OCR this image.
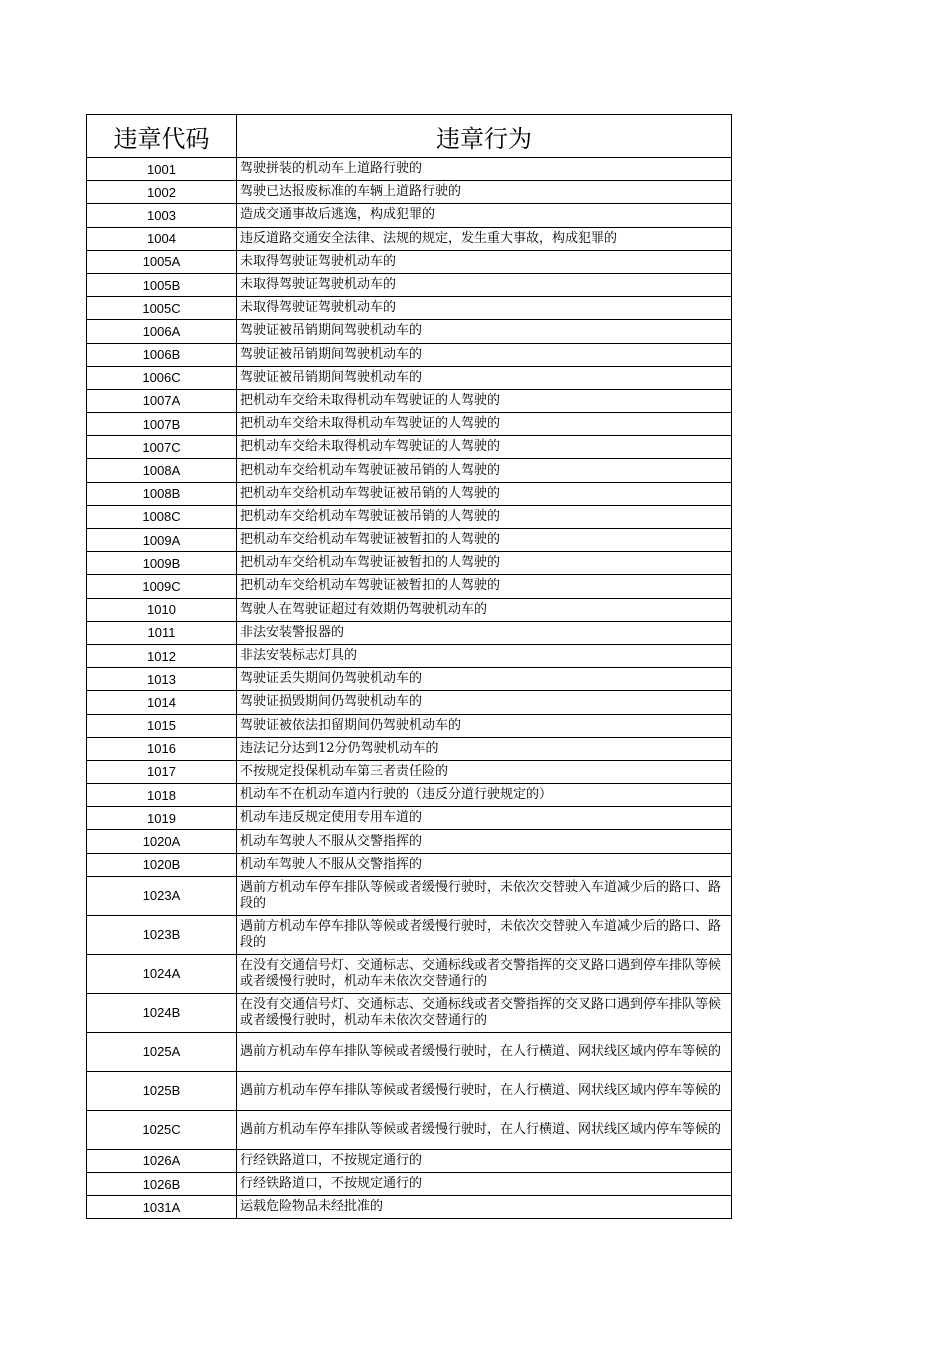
违章代码	违章行为
1001	驾驶拼装的机动车上道路行驶的
1002	驾驶已达报废标准的车辆上道路行驶的
1003	造成交通事故后逃逸，构成犯罪的
1004	违反道路交通安全法律、法规的规定，发生重大事故，构成犯罪的
1005A	未取得驾驶证驾驶机动车的
1005B	未取得驾驶证驾驶机动车的
1005C	未取得驾驶证驾驶机动车的
1006A	驾驶证被吊销期间驾驶机动车的
1006B	驾驶证被吊销期间驾驶机动车的
1006C	驾驶证被吊销期间驾驶机动车的
1007A	把机动车交给未取得机动车驾驶证的人驾驶的
1007B	把机动车交给未取得机动车驾驶证的人驾驶的
1007C	把机动车交给未取得机动车驾驶证的人驾驶的
1008A	把机动车交给机动车驾驶证被吊销的人驾驶的
1008B	把机动车交给机动车驾驶证被吊销的人驾驶的
1008C	把机动车交给机动车驾驶证被吊销的人驾驶的
1009A	把机动车交给机动车驾驶证被暂扣的人驾驶的
1009B	把机动车交给机动车驾驶证被暂扣的人驾驶的
1009C	把机动车交给机动车驾驶证被暂扣的人驾驶的
1010	驾驶人在驾驶证超过有效期仍驾驶机动车的
1011	非法安装警报器的
1012	非法安装标志灯具的
1013	驾驶证丢失期间仍驾驶机动车的
1014	驾驶证损毁期间仍驾驶机动车的
1015	驾驶证被依法扣留期间仍驾驶机动车的
1016	违法记分达到12分仍驾驶机动车的
1017	不按规定投保机动车第三者责任险的
1018	机动车不在机动车道内行驶的（违反分道行驶规定的）
1019	机动车违反规定使用专用车道的
1020A	机动车驾驶人不服从交警指挥的
1020B	机动车驾驶人不服从交警指挥的
1023A	遇前方机动车停车排队等候或者缓慢行驶时，未依次交替驶入车道减少后的路口、路段的
1023B	遇前方机动车停车排队等候或者缓慢行驶时，未依次交替驶入车道减少后的路口、路段的
1024A	在没有交通信号灯、交通标志、交通标线或者交警指挥的交叉路口遇到停车排队等候或者缓慢行驶时，机动车未依次交替通行的
1024B	在没有交通信号灯、交通标志、交通标线或者交警指挥的交叉路口遇到停车排队等候或者缓慢行驶时，机动车未依次交替通行的
1025A	遇前方机动车停车排队等候或者缓慢行驶时，在人行横道、网状线区域内停车等候的
1025B	遇前方机动车停车排队等候或者缓慢行驶时，在人行横道、网状线区域内停车等候的
1025C	遇前方机动车停车排队等候或者缓慢行驶时，在人行横道、网状线区域内停车等候的
1026A	行经铁路道口，不按规定通行的
1026B	行经铁路道口，不按规定通行的
1031A	运载危险物品未经批准的
